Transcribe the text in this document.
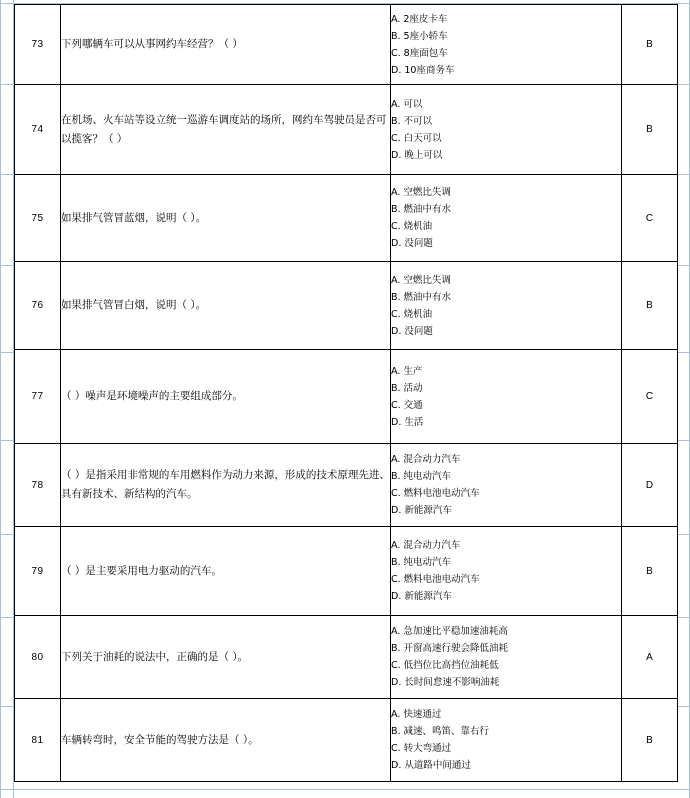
73	下列哪辆车可以从事网约车经营？（ ）	A. 2座皮卡车
B. 5座小轿车
C. 8座面包车
D. 10座商务车	B
74	在机场、火车站等设立统一巡游车调度站的场所，网约车驾驶员是否可以揽客？（ ）	A. 可以
B. 不可以
C. 白天可以
D. 晚上可以	B
75	如果排气管冒蓝烟，说明（ ）。	A. 空燃比失调
B. 燃油中有水
C. 烧机油
D. 没问题	C
76	如果排气管冒白烟，说明（ ）。	A. 空燃比失调
B. 燃油中有水
C. 烧机油
D. 没问题	B
77	（ ）噪声是环境噪声的主要组成部分。	A. 生产
B. 活动
C. 交通
D. 生活	C
78	（ ）是指采用非常规的车用燃料作为动力来源，形成的技术原理先进、具有新技术、新结构的汽车。	A. 混合动力汽车
B. 纯电动汽车
C. 燃料电池电动汽车
D. 新能源汽车	D
79	（ ）是主要采用电力驱动的汽车。	A. 混合动力汽车
B. 纯电动汽车
C. 燃料电池电动汽车
D. 新能源汽车	B
80	下列关于油耗的说法中，正确的是（ ）。	A. 急加速比平稳加速油耗高
B. 开窗高速行驶会降低油耗
C. 低挡位比高挡位油耗低
D. 长时间怠速不影响油耗	A
81	车辆转弯时，安全节能的驾驶方法是（ ）。	A. 快速通过
B. 减速、鸣笛、靠右行
C. 转大弯通过
D. 从道路中间通过	B
